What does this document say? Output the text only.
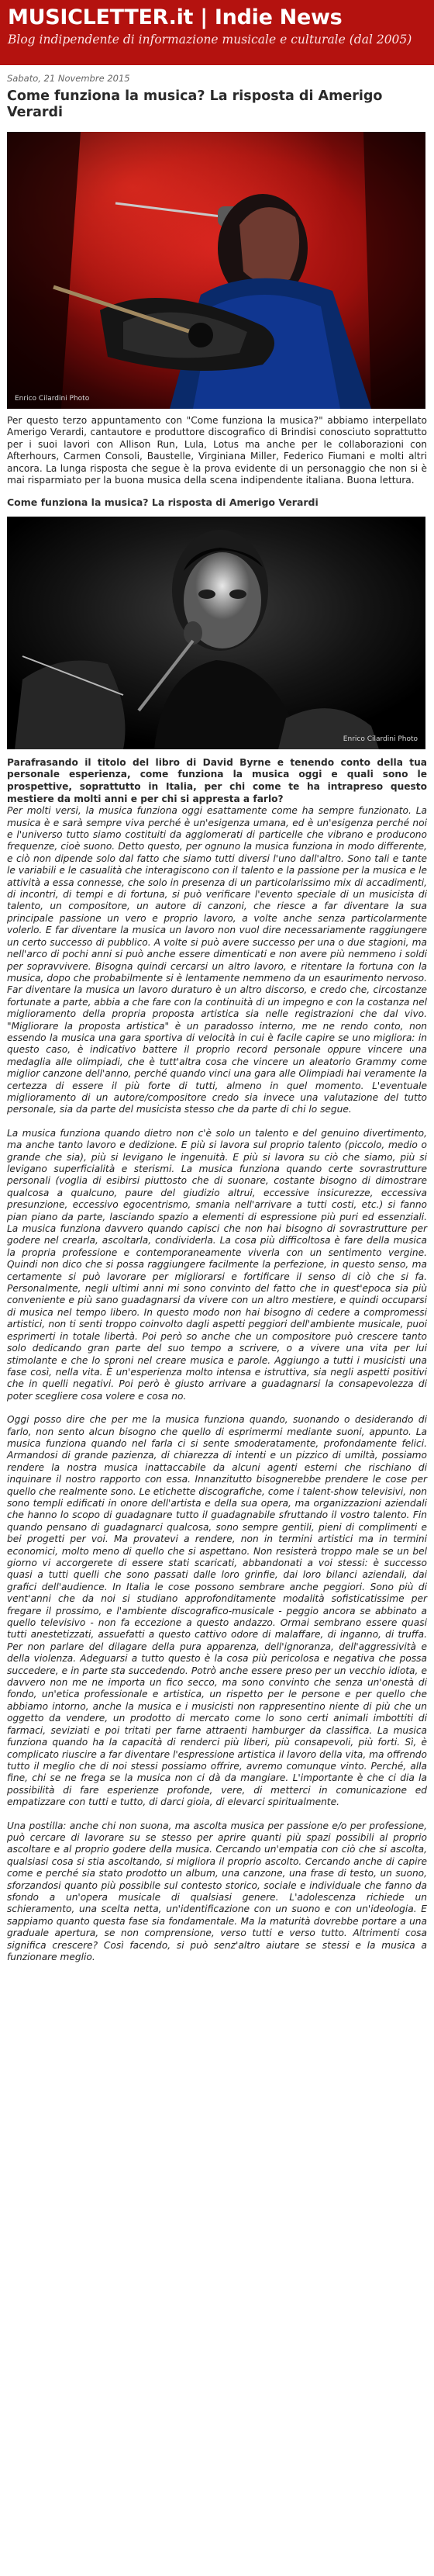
MUSICLETTER.it | Indie News
Blog indipendente di informazione musicale e culturale (dal 2005)
Sabato, 21 Novembre 2015
Come funziona la musica? La risposta di Amerigo Verardi
Enrico Cilardini Photo
Per questo terzo appuntamento con "Come funziona la musica?" abbiamo interpellato Amerigo Verardi, cantautore e produttore discografico di Brindisi conosciuto soprattutto per i suoi lavori con Allison Run, Lula, Lotus ma anche per le collaborazioni con Afterhours, Carmen Consoli, Baustelle, Virginiana Miller, Federico Fiumani e molti altri ancora. La lunga risposta che segue è la prova evidente di un personaggio che non si è mai risparmiato per la buona musica della scena indipendente italiana. Buona lettura.
Come funziona la musica? La risposta di Amerigo Verardi
Enrico Cilardini Photo
Parafrasando il titolo del libro di David Byrne e tenendo conto della tua personale esperienza, come funziona la musica oggi e quali sono le prospettive, soprattutto in Italia, per chi come te ha intrapreso questo mestiere da molti anni e per chi si appresta a farlo?
Per molti versi, la musica funziona oggi esattamente come ha sempre funzionato. La musica è e sarà sempre viva perché è un'esigenza umana, ed è un'esigenza perché noi e l'universo tutto siamo costituiti da agglomerati di particelle che vibrano e producono frequenze, cioè suono. Detto questo, per ognuno la musica funziona in modo differente, e ciò non dipende solo dal fatto che siamo tutti diversi l'uno dall'altro. Sono tali e tante le variabili e le casualità che interagiscono con il talento e la passione per la musica e le attività a essa connesse, che solo in presenza di un particolarissimo mix di accadimenti, di incontri, di tempi e di fortuna, si può verificare l'evento speciale di un musicista di talento, un compositore, un autore di canzoni, che riesce a far diventare la sua principale passione un vero e proprio lavoro, a volte anche senza particolarmente volerlo. E far diventare la musica un lavoro non vuol dire necessariamente raggiungere un certo successo di pubblico. A volte si può avere successo per una o due stagioni, ma nell'arco di pochi anni si può anche essere dimenticati e non avere più nemmeno i soldi per sopravvivere. Bisogna quindi cercarsi un altro lavoro, e ritentare la fortuna con la musica, dopo che probabilmente si è lentamente nemmeno da un esaurimento nervoso. Far diventare la musica un lavoro duraturo è un altro discorso, e credo che, circostanze fortunate a parte, abbia a che fare con la continuità di un impegno e con la costanza nel miglioramento della propria proposta artistica sia nelle registrazioni che dal vivo. "Migliorare la proposta artistica" è un paradosso interno, me ne rendo conto, non essendo la musica una gara sportiva di velocità in cui è facile capire se uno migliora: in questo caso, è indicativo battere il proprio record personale oppure vincere una medaglia alle olimpiadi, che è tutt'altra cosa che vincere un aleatorio Grammy come miglior canzone dell'anno, perché quando vinci una gara alle Olimpiadi hai veramente la certezza di essere il più forte di tutti, almeno in quel momento. L'eventuale miglioramento di un autore/compositore credo sia invece una valutazione del tutto personale, sia da parte del musicista stesso che da parte di chi lo segue.
La musica funziona quando dietro non c'è solo un talento e del genuino divertimento, ma anche tanto lavoro e dedizione. E più si lavora sul proprio talento (piccolo, medio o grande che sia), più si levigano le ingenuità. E più si lavora su ciò che siamo, più si levigano superficialità e sterismi. La musica funziona quando certe sovrastrutture personali (voglia di esibirsi piuttosto che di suonare, costante bisogno di dimostrare qualcosa a qualcuno, paure del giudizio altrui, eccessive insicurezze, eccessiva presunzione, eccessivo egocentrismo, smania nell'arrivare a tutti costi, etc.) si fanno pian piano da parte, lasciando spazio a elementi di espressione più puri ed essenziali. La musica funziona davvero quando capisci che non hai bisogno di sovrastrutture per godere nel crearla, ascoltarla, condividerla. La cosa più difficoltosa è fare della musica la propria professione e contemporaneamente viverla con un sentimento vergine. Quindi non dico che si possa raggiungere facilmente la perfezione, in questo senso, ma certamente si può lavorare per migliorarsi e fortificare il senso di ciò che si fa. Personalmente, negli ultimi anni mi sono convinto del fatto che in quest'epoca sia più conveniente e più sano guadagnarsi da vivere con un altro mestiere, e quindi occuparsi di musica nel tempo libero. In questo modo non hai bisogno di cedere a compromessi artistici, non ti senti troppo coinvolto dagli aspetti peggiori dell'ambiente musicale, puoi esprimerti in totale libertà. Poi però so anche che un compositore può crescere tanto solo dedicando gran parte del suo tempo a scrivere, o a vivere una vita per lui stimolante e che lo sproni nel creare musica e parole. Aggiungo a tutti i musicisti una fase così, nella vita. È un'esperienza molto intensa e istruttiva, sia negli aspetti positivi che in quelli negativi. Poi però è giusto arrivare a guadagnarsi la consapevolezza di poter scegliere cosa volere e cosa no.
Oggi posso dire che per me la musica funziona quando, suonando o desiderando di farlo, non sento alcun bisogno che quello di esprimermi mediante suoni, appunto. La musica funziona quando nel farla ci si sente smoderatamente, profondamente felici. Armandosi di grande pazienza, di chiarezza di intenti e un pizzico di umiltà, possiamo rendere la nostra musica inattaccabile da alcuni agenti esterni che rischiano di inquinare il nostro rapporto con essa. Innanzitutto bisognerebbe prendere le cose per quello che realmente sono. Le etichette discografiche, come i talent-show televisivi, non sono templi edificati in onore dell'artista e della sua opera, ma organizzazioni aziendali che hanno lo scopo di guadagnare tutto il guadagnabile sfruttando il vostro talento. Fin quando pensano di guadagnarci qualcosa, sono sempre gentili, pieni di complimenti e bei progetti per voi. Ma provatevi a rendere, non in termini artistici ma in termini economici, molto meno di quello che si aspettano. Non resisterà troppo male se un bel giorno vi accorgerete di essere stati scaricati, abbandonati a voi stessi: è successo quasi a tutti quelli che sono passati dalle loro grinfie, dai loro bilanci aziendali, dai grafici dell'audience. In Italia le cose possono sembrare anche peggiori. Sono più di vent'anni che da noi si studiano approfonditamente modalità sofisticatissime per fregare il prossimo, e l'ambiente discografico-musicale - peggio ancora se abbinato a quello televisivo - non fa eccezione a questo andazzo. Ormai sembrano essere quasi tutti anestetizzati, assuefatti a questo cattivo odore di malaffare, di inganno, di truffa. Per non parlare del dilagare della pura apparenza, dell'ignoranza, dell'aggressività e della violenza. Adeguarsi a tutto questo è la cosa più pericolosa e negativa che possa succedere, e in parte sta succedendo. Potrò anche essere preso per un vecchio idiota, e davvero non me ne importa un fico secco, ma sono convinto che senza un'onestà di fondo, un'etica professionale e artistica, un rispetto per le persone e per quello che abbiamo intorno, anche la musica e i musicisti non rappresentino niente di più che un oggetto da vendere, un prodotto di mercato come lo sono certi animali imbottiti di farmaci, seviziati e poi tritati per farne attraenti hamburger da classifica. La musica funziona quando ha la capacità di renderci più liberi, più consapevoli, più forti. Sì, è complicato riuscire a far diventare l'espressione artistica il lavoro della vita, ma offrendo tutto il meglio che di noi stessi possiamo offrire, avremo comunque vinto. Perché, alla fine, chi se ne frega se la musica non ci dà da mangiare. L'importante è che ci dia la possibilità di fare esperienze profonde, vere, di metterci in comunicazione ed empatizzare con tutti e tutto, di darci gioia, di elevarci spiritualmente.
Una postilla: anche chi non suona, ma ascolta musica per passione e/o per professione, può cercare di lavorare su se stesso per aprire quanti più spazi possibili al proprio ascoltare e al proprio godere della musica. Cercando un'empatia con ciò che si ascolta, qualsiasi cosa si stia ascoltando, si migliora il proprio ascolto. Cercando anche di capire come e perché sia stato prodotto un album, una canzone, una frase di testo, un suono, sforzandosi quanto più possibile sul contesto storico, sociale e individuale che fanno da sfondo a un'opera musicale di qualsiasi genere. L'adolescenza richiede un schieramento, una scelta netta, un'identificazione con un suono e con un'ideologia. E sappiamo quanto questa fase sia fondamentale. Ma la maturità dovrebbe portare a una graduale apertura, se non comprensione, verso tutti e verso tutto. Altrimenti cosa significa crescere? Così facendo, si può senz'altro aiutare se stessi e la musica a funzionare meglio.
